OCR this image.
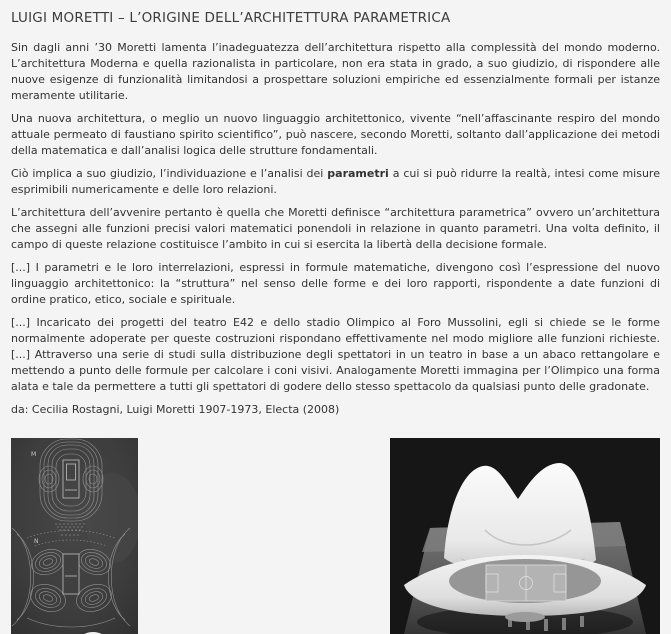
LUIGI MORETTI – L’ORIGINE DELL’ARCHITETTURA PARAMETRICA

Sin dagli anni ’30 Moretti lamenta l’inadeguatezza dell’architettura rispetto alla complessità del mondo moderno. L’architettura Moderna e quella razionalista in particolare, non era stata in grado, a suo giudizio, di rispondere alle nuove esigenze di funzionalità limitandosi a prospettare soluzioni empiriche ed essenzialmente formali per istanze meramente utilitarie.

Una nuova architettura, o meglio un nuovo linguaggio architettonico, vivente “nell’affascinante respiro del mondo attuale permeato di faustiano spirito scientifico”, può nascere, secondo Moretti, soltanto dall’applicazione dei metodi della matematica e dall’analisi logica delle strutture fondamentali.

Ciò implica a suo giudizio, l’individuazione e l’analisi dei parametri a cui si può ridurre la realtà, intesi come misure esprimibili numericamente e delle loro relazioni.

L’architettura dell’avvenire pertanto è quella che Moretti definisce “architettura parametrica” ovvero un’architettura che assegni alle funzioni precisi valori matematici ponendoli in relazione in quanto parametri. Una volta definito, il campo di queste relazione costituisce l’ambito in cui si esercita la libertà della decisione formale.

[...] I parametri e le loro interrelazioni, espressi in formule matematiche, divengono così l’espressione del nuovo linguaggio architettonico: la “struttura” nel senso delle forme e dei loro rapporti, rispondente a date funzioni di ordine pratico, etico, sociale e spirituale.

[...] Incaricato dei progetti del teatro E42 e dello stadio Olimpico al Foro Mussolini, egli si chiede se le forme normalmente adoperate per queste costruzioni rispondano effettivamente nel modo migliore alle funzioni richieste. [...] Attraverso una serie di studi sulla distribuzione degli spettatori in un teatro in base a un abaco rettangolare e mettendo a punto delle formule per calcolare i coni visivi. Analogamente Moretti immagina per l’Olimpico una forma alata e tale da permettere a tutti gli spettatori di godere dello stesso spettacolo da qualsiasi punto delle gradonate.

da: Cecilia Rostagni, Luigi Moretti 1907-1973, Electa (2008)

M
N
